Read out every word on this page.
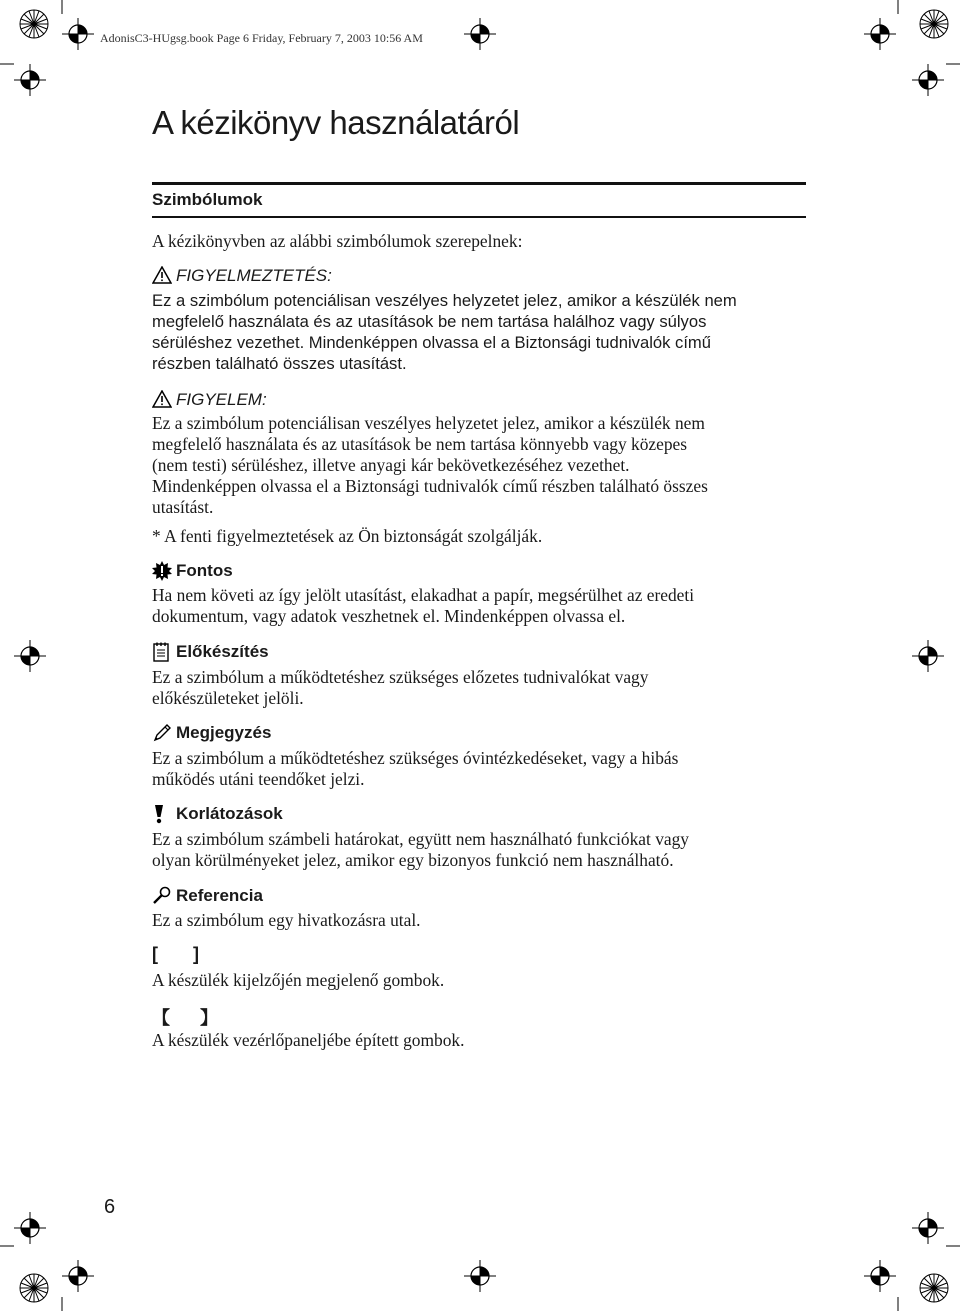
AdonisC3-HUgsg.book Page 6 Friday, February 7, 2003 10:56 AM
A kézikönyv használatáról
Szimbólumok

A kézikönyvben az alábbi szimbólumok szerepelnek:

FIGYELMEZTETÉS:
Ez a szimbólum potenciálisan veszélyes helyzetet jelez, amikor a készülék nem
megfelelő használata és az utasítások be nem tartása halálhoz vagy súlyos
sérüléshez vezethet. Mindenképpen olvassa el a Biztonsági tudnivalók című
részben található összes utasítást.
FIGYELEM:
Ez a szimbólum potenciálisan veszélyes helyzetet jelez, amikor a készülék nem
megfelelő használata és az utasítások be nem tartása könnyebb vagy közepes
(nem testi) sérüléshez, illetve anyagi kár bekövetkezéséhez vezethet.
Mindenképpen olvassa el a Biztonsági tudnivalók című részben található összes
utasítást.

* A fenti figyelmeztetések az Ön biztonságát szolgálják.

Fontos
Ha nem követi az így jelölt utasítást, elakadhat a papír, megsérülhet az eredeti
dokumentum, vagy adatok veszhetnek el. Mindenképpen olvassa el.
Előkészítés
Ez a szimbólum a működtetéshez szükséges előzetes tudnivalókat vagy
előkészületeket jelöli.
Megjegyzés
Ez a szimbólum a működtetéshez szükséges óvintézkedéseket, vagy a hibás
működés utáni teendőket jelzi.
Korlátozások
Ez a szimbólum számbeli határokat, együtt nem használható funkciókat vagy
olyan körülményeket jelez, amikor egy bizonyos funkció nem használható.
Referencia

Ez a szimbólum egy hivatkozásra utal.

[       ]

A készülék kijelzőjén megjelenő gombok.

【      】

A készülék vezérlőpaneljébe épített gombok.

6
